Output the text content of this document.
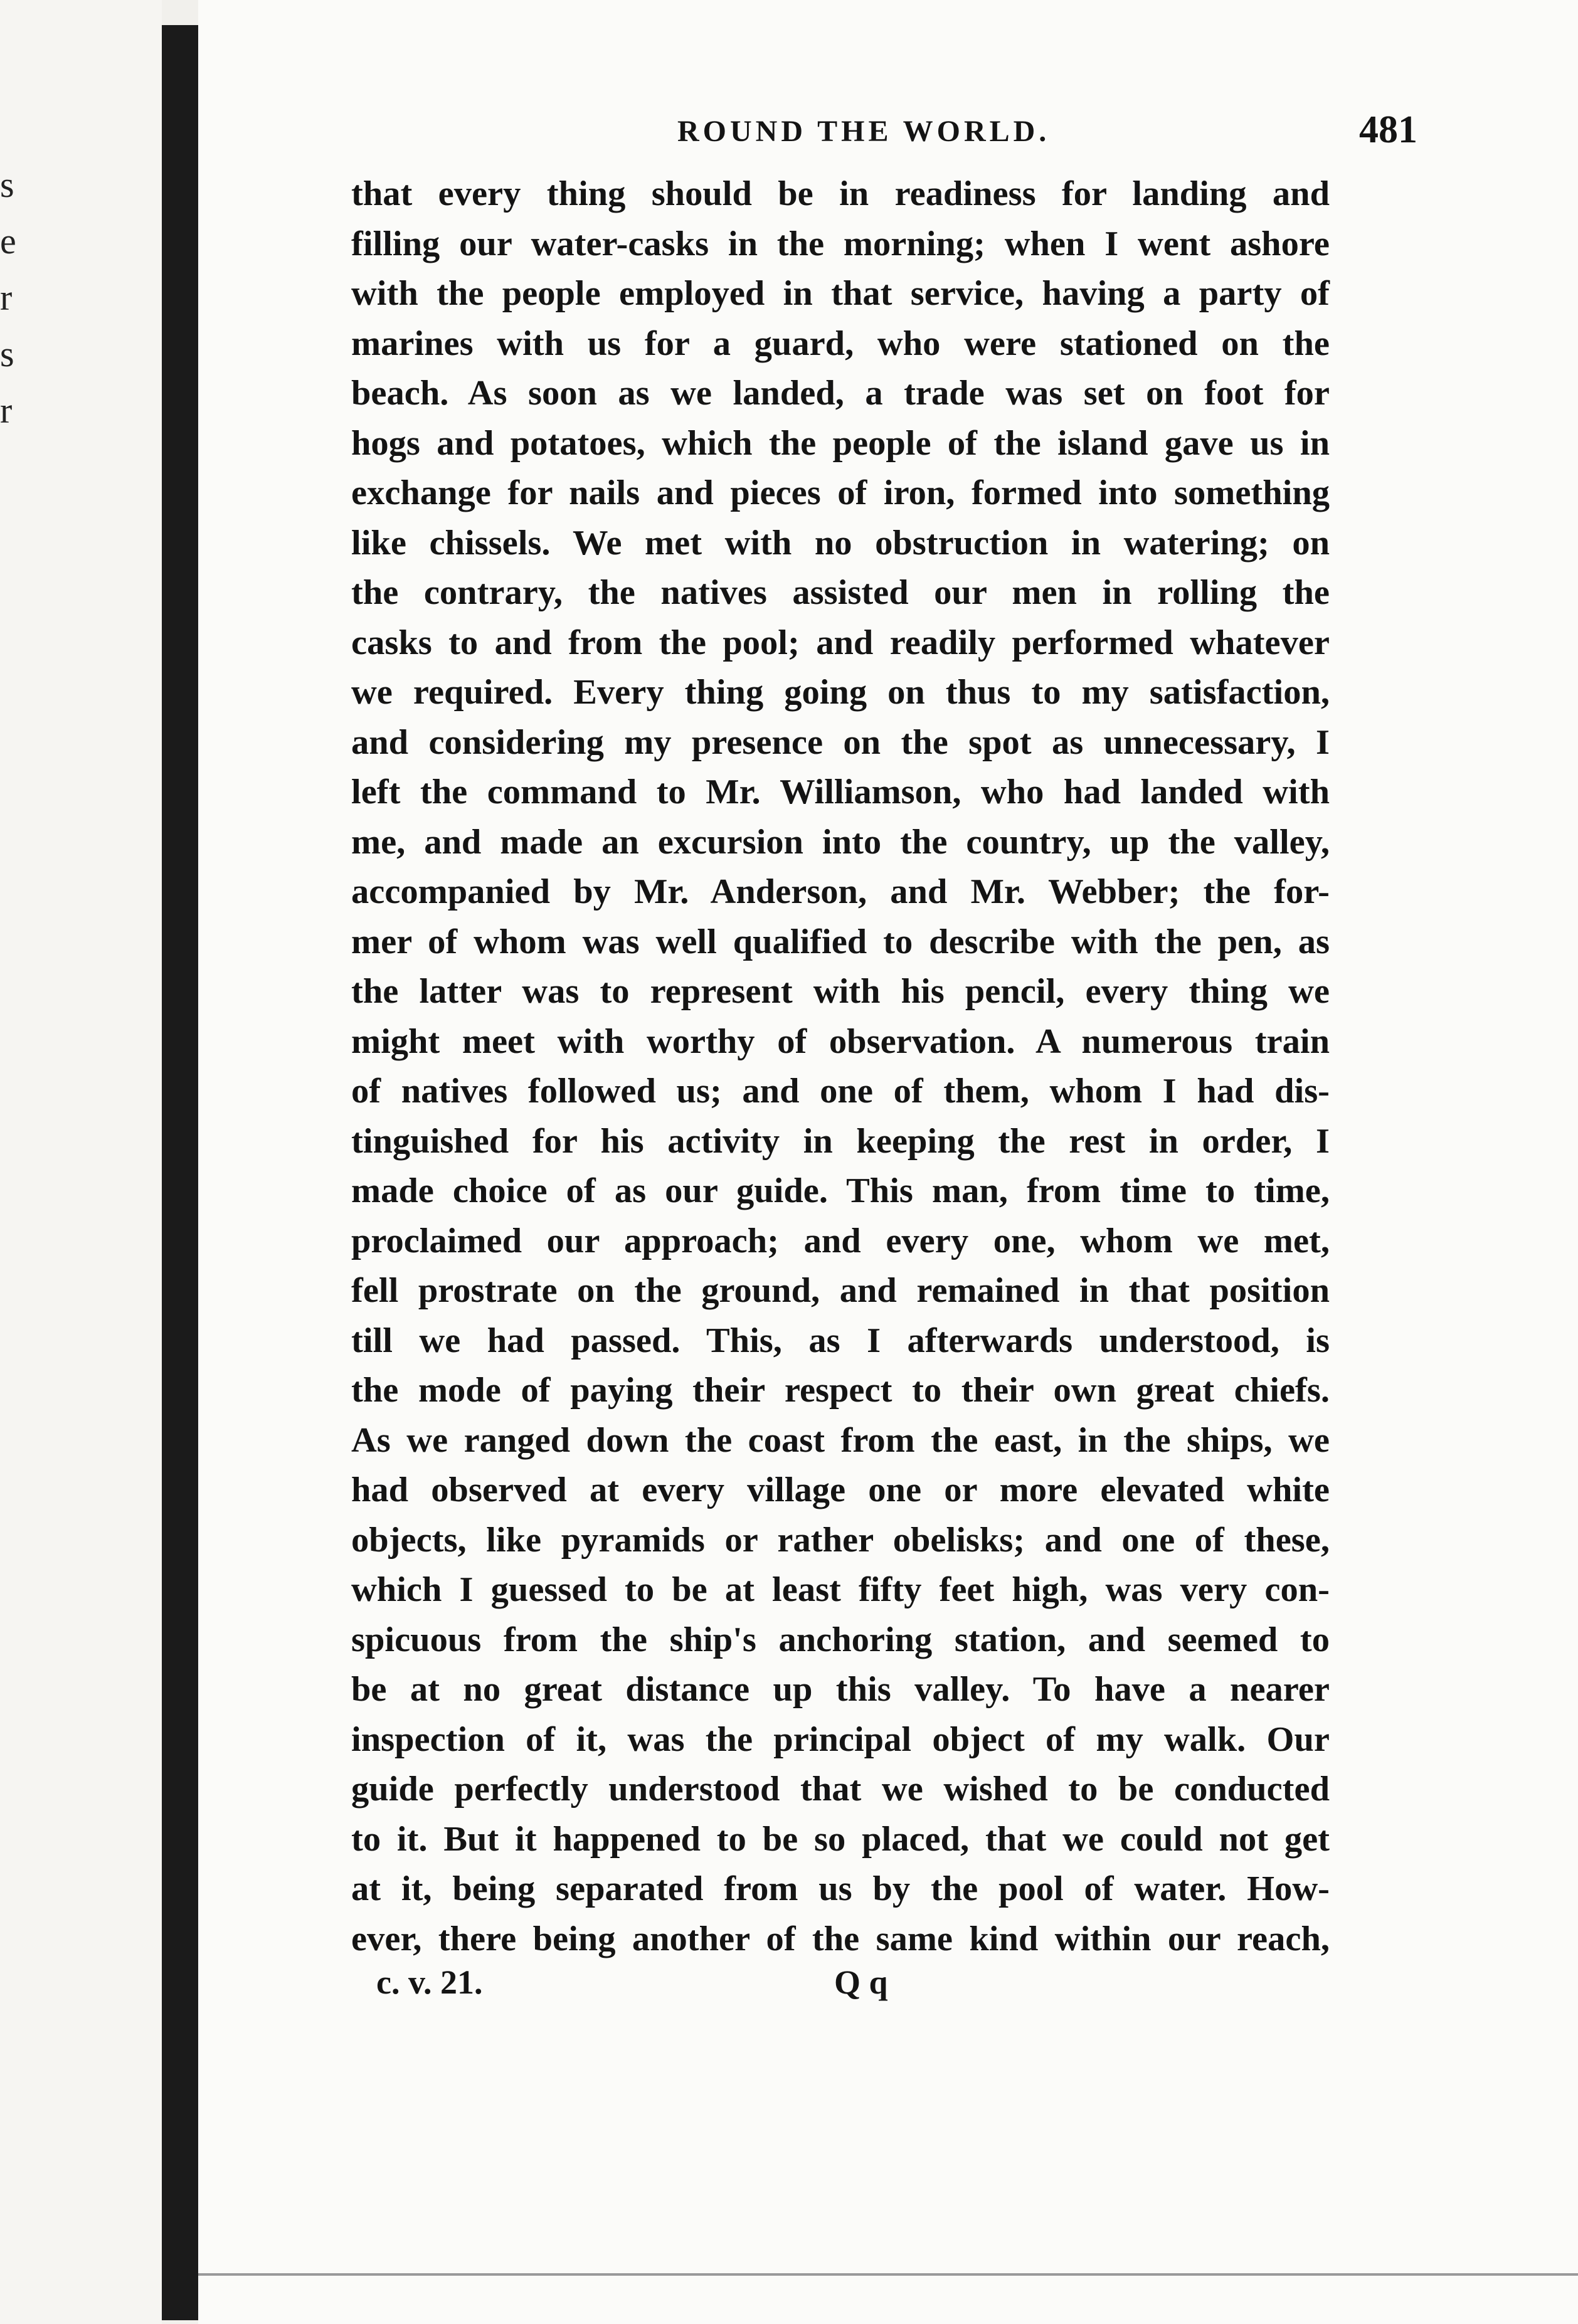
s
e
r
s
r
ROUND THE WORLD.	481
that every thing should be in readiness for landing and
filling our water-casks in the morning; when I went ashore
with the people employed in that service, having a party of
marines with us for a guard, who were stationed on the
beach. As soon as we landed, a trade was set on foot for
hogs and potatoes, which the people of the island gave us in
exchange for nails and pieces of iron, formed into something
like chissels. We met with no obstruction in watering; on
the contrary, the natives assisted our men in rolling the
casks to and from the pool; and readily performed whatever
we required. Every thing going on thus to my satisfaction,
and considering my presence on the spot as unnecessary, I
left the command to Mr. Williamson, who had landed with
me, and made an excursion into the country, up the valley,
accompanied by Mr. Anderson, and Mr. Webber; the for-
mer of whom was well qualified to describe with the pen, as
the latter was to represent with his pencil, every thing we
might meet with worthy of observation. A numerous train
of natives followed us; and one of them, whom I had dis-
tinguished for his activity in keeping the rest in order, I
made choice of as our guide. This man, from time to time,
proclaimed our approach; and every one, whom we met,
fell prostrate on the ground, and remained in that position
till we had passed. This, as I afterwards understood, is
the mode of paying their respect to their own great chiefs.
As we ranged down the coast from the east, in the ships, we
had observed at every village one or more elevated white
objects, like pyramids or rather obelisks; and one of these,
which I guessed to be at least fifty feet high, was very con-
spicuous from the ship's anchoring station, and seemed to
be at no great distance up this valley. To have a nearer
inspection of it, was the principal object of my walk. Our
guide perfectly understood that we wished to be conducted
to it. But it happened to be so placed, that we could not get
at it, being separated from us by the pool of water. How-
ever, there being another of the same kind within our reach,
c. v. 21.	Q q
